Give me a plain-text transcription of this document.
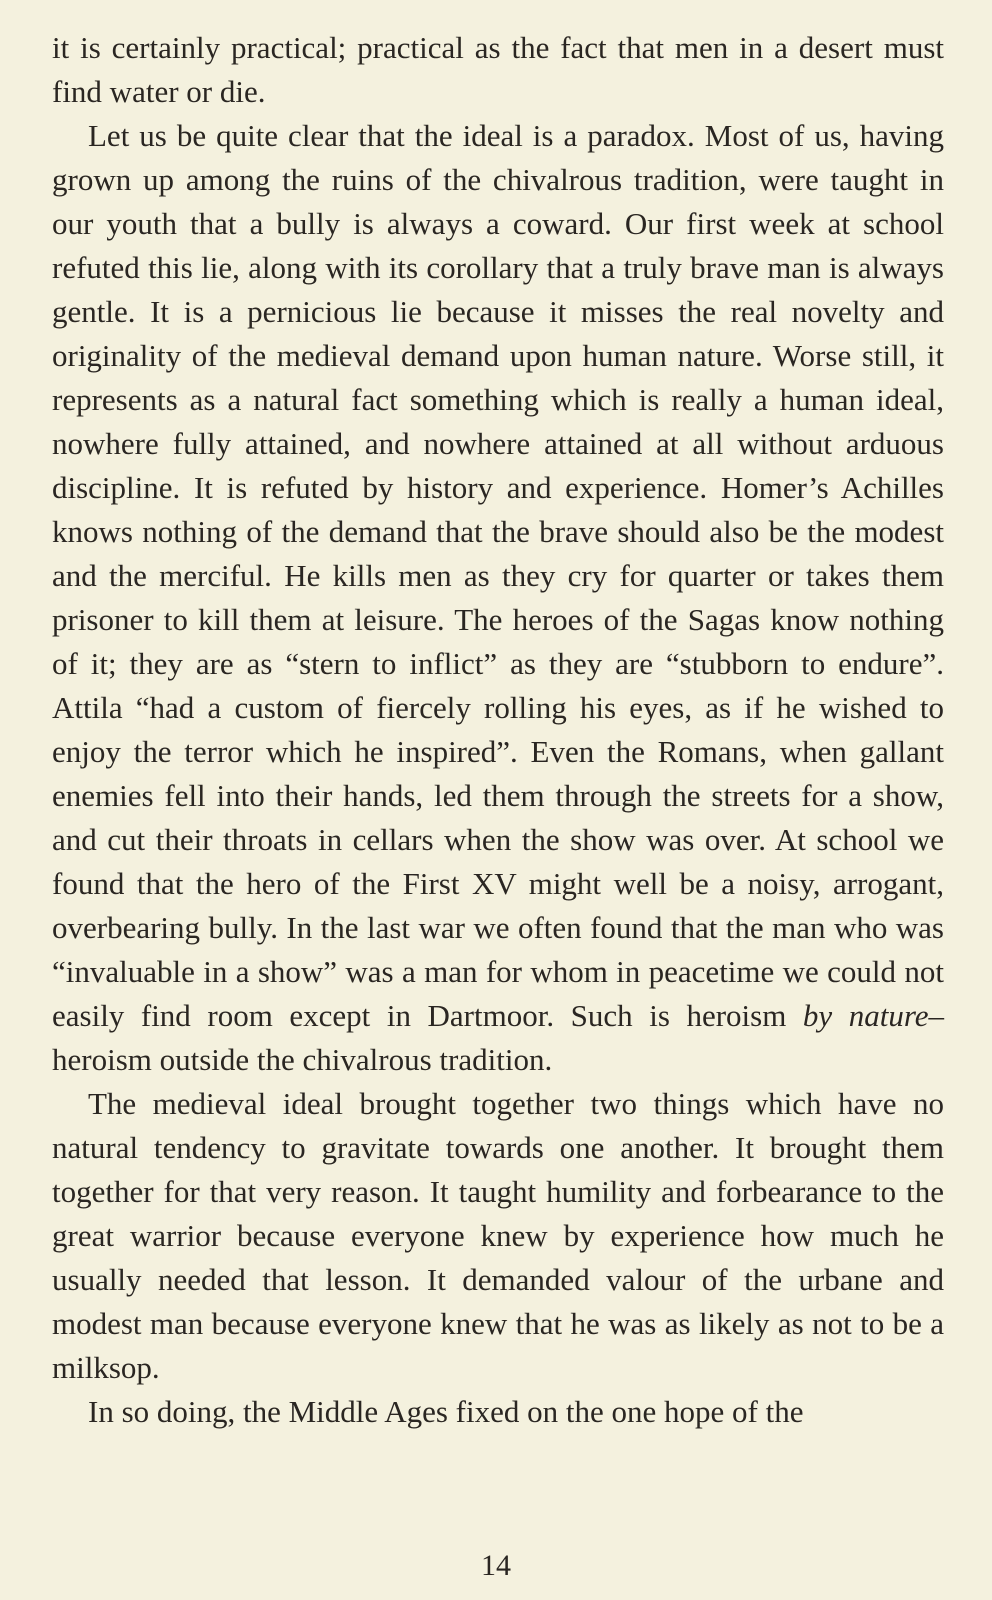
it is certainly practical; practical as the fact that men in a desert must find water or die.

Let us be quite clear that the ideal is a paradox. Most of us, having grown up among the ruins of the chivalrous tradition, were taught in our youth that a bully is always a coward. Our first week at school refuted this lie, along with its corollary that a truly brave man is always gentle. It is a pernicious lie because it misses the real novelty and originality of the medieval demand upon human nature. Worse still, it represents as a natural fact something which is really a human ideal, nowhere fully attained, and nowhere attained at all without arduous discipline. It is refuted by history and experience. Homer’s Achilles knows nothing of the demand that the brave should also be the modest and the merciful. He kills men as they cry for quarter or takes them prisoner to kill them at leisure. The heroes of the Sagas know nothing of it; they are as “stern to inflict” as they are “stubborn to endure”. Attila “had a custom of fiercely rolling his eyes, as if he wished to enjoy the terror which he inspired”. Even the Romans, when gallant enemies fell into their hands, led them through the streets for a show, and cut their throats in cellars when the show was over. At school we found that the hero of the First XV might well be a noisy, arrogant, overbearing bully. In the last war we often found that the man who was “invaluable in a show” was a man for whom in peacetime we could not easily find room except in Dartmoor. Such is heroism by nature– heroism outside the chivalrous tradition.

The medieval ideal brought together two things which have no natural tendency to gravitate towards one another. It brought them together for that very reason. It taught humility and forbearance to the great warrior because everyone knew by experience how much he usually needed that lesson. It demanded valour of the urbane and modest man because everyone knew that he was as likely as not to be a milksop.

In so doing, the Middle Ages fixed on the one hope of the

14
